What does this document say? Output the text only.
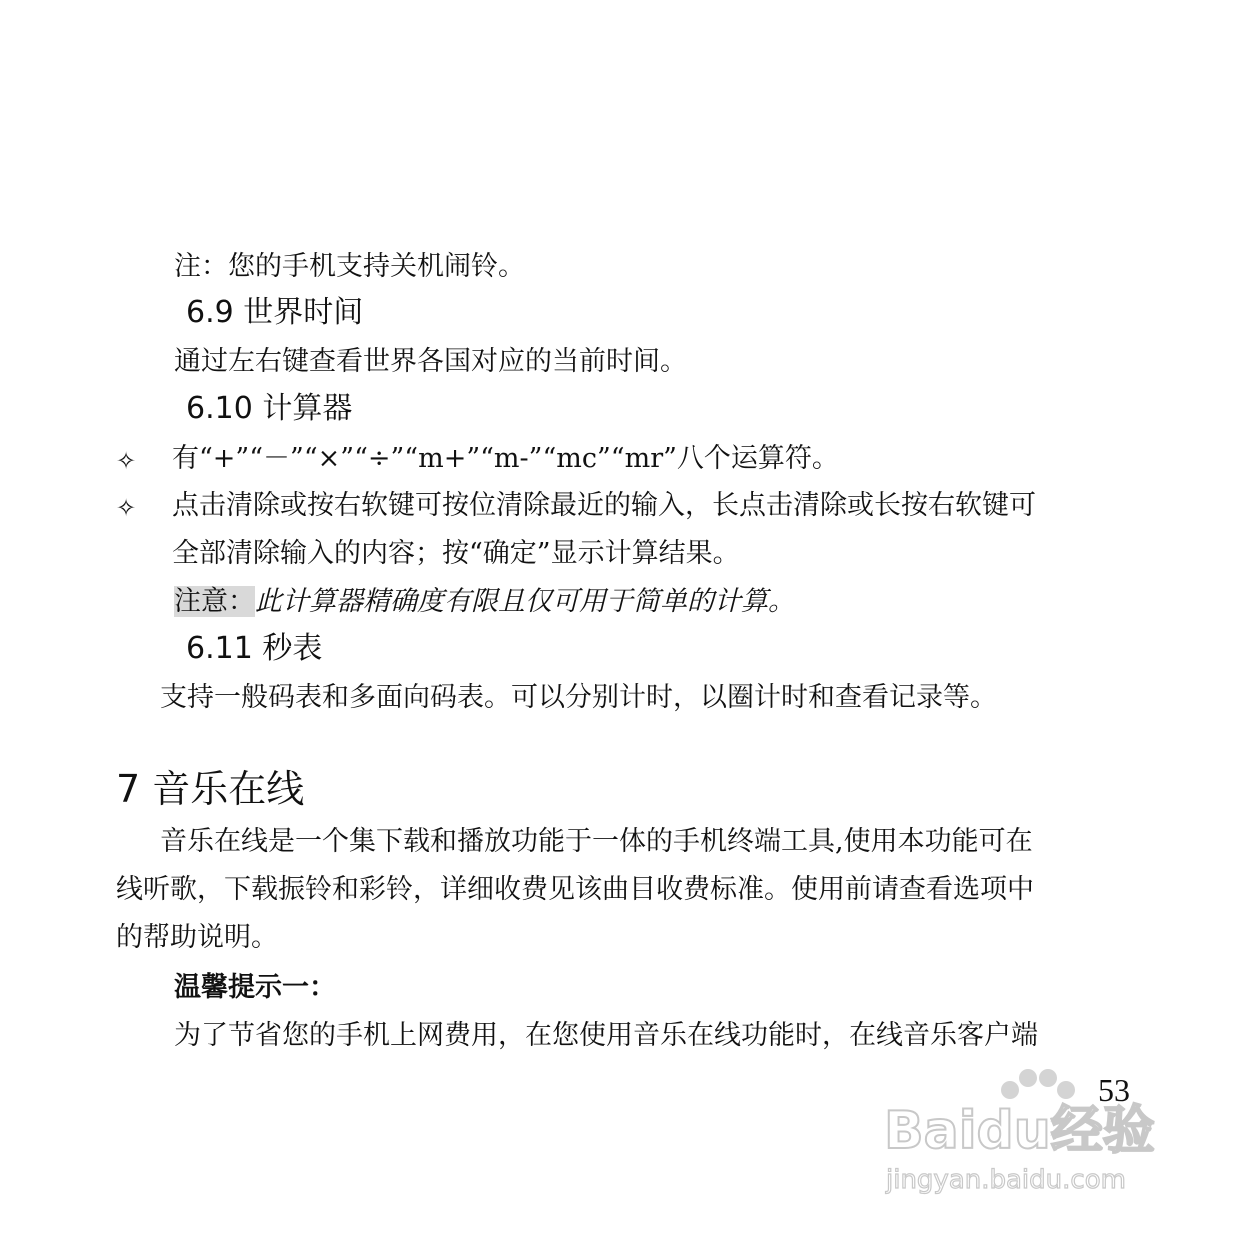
注：您的手机支持关机闹铃。
6.9 世界时间
通过左右键查看世界各国对应的当前时间。
6.10 计算器
✧ 有“+”“－”“×”“÷”“m+”“m-”“mc”“mr”八个运算符。
✧ 点击清除或按右软键可按位清除最近的输入，长点击清除或长按右软键可
全部清除输入的内容；按“确定”显示计算结果。
注意：此计算器精确度有限且仅可用于简单的计算。
6.11 秒表
支持一般码表和多面向码表。可以分别计时，以圈计时和查看记录等。
7 音乐在线
音乐在线是一个集下载和播放功能于一体的手机终端工具,使用本功能可在
线听歌，下载振铃和彩铃，详细收费见该曲目收费标准。使用前请查看选项中
的帮助说明。
温馨提示一：
为了节省您的手机上网费用，在您使用音乐在线功能时，在线音乐客户端
53
Baidu经验
jingyan.baidu.com
